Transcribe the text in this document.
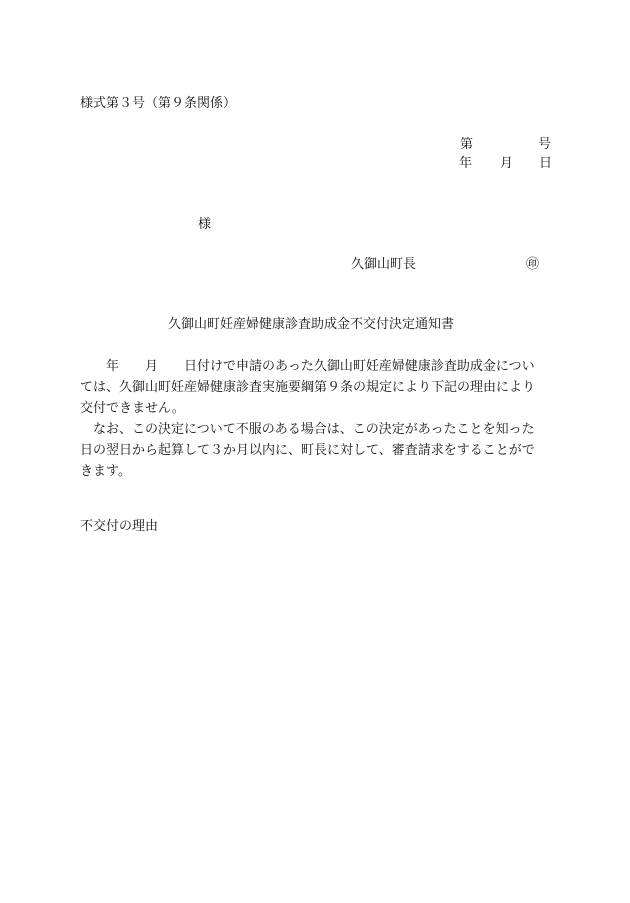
様式第３号（第９条関係）
第	号
年 月 日
様
久御山町長	㊞
久御山町妊産婦健康診査助成金不交付決定通知書
　　年　　月　　日付けで申請のあった久御山町妊産婦健康診査助成金につい
ては、久御山町妊産婦健康診査実施要綱第９条の規定により下記の理由により
交付できません。
　なお、この決定について不服のある場合は、この決定があったことを知った
日の翌日から起算して３か月以内に、町長に対して、審査請求をすることがで
きます。
不交付の理由
